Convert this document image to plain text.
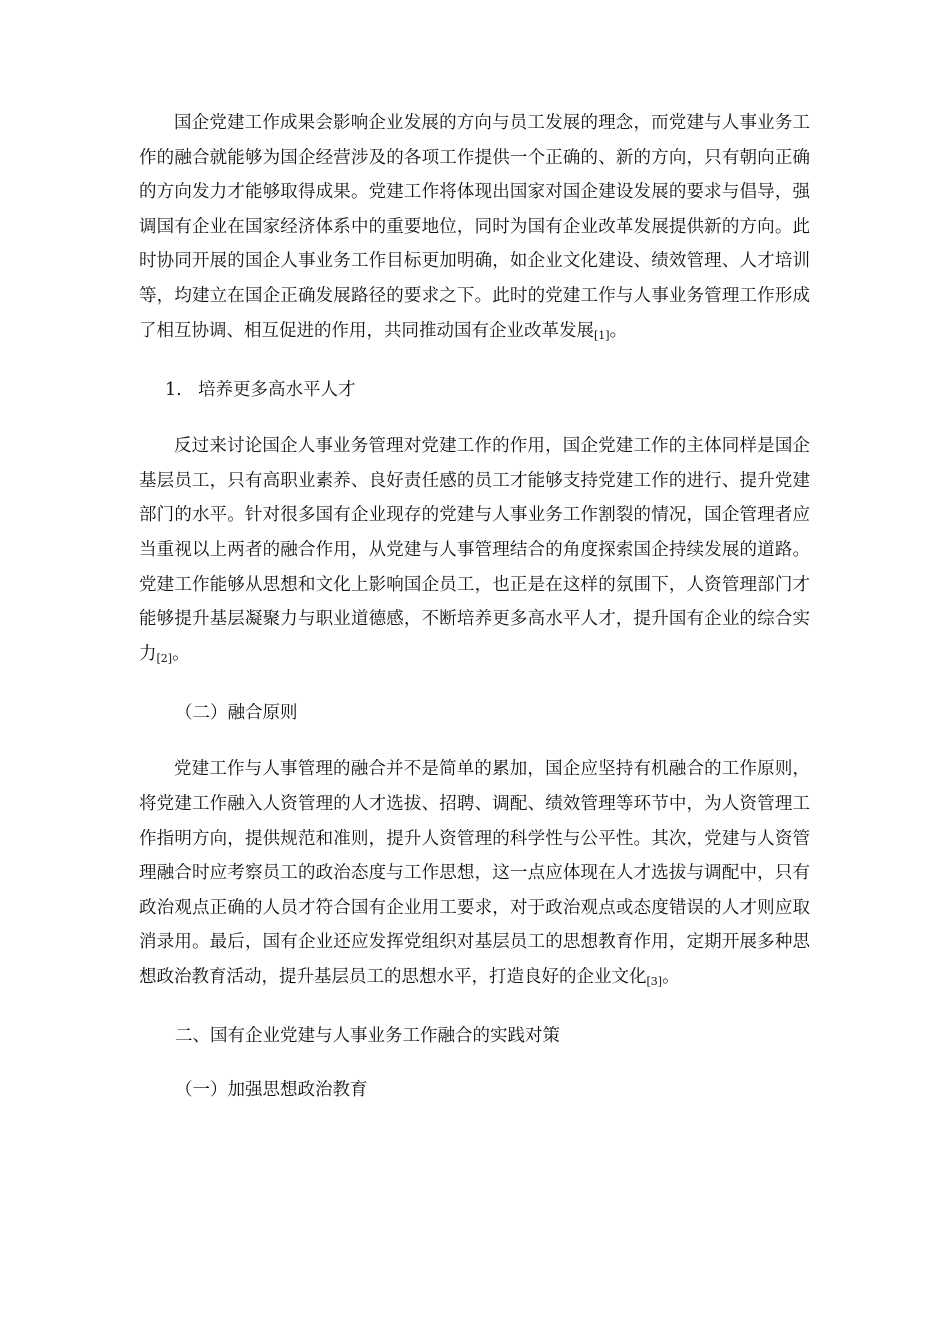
国企党建工作成果会影响企业发展的方向与员工发展的理念，而党建与人事业务工作的融合就能够为国企经营涉及的各项工作提供一个正确的、新的方向，只有朝向正确的方向发力才能够取得成果。党建工作将体现出国家对国企建设发展的要求与倡导，强调国有企业在国家经济体系中的重要地位，同时为国有企业改革发展提供新的方向。此时协同开展的国企人事业务工作目标更加明确，如企业文化建设、绩效管理、人才培训等，均建立在国企正确发展路径的要求之下。此时的党建工作与人事业务管理工作形成了相互协调、相互促进的作用，共同推动国有企业改革发展$_{[1]}$。

1. 培养更多高水平人才

反过来讨论国企人事业务管理对党建工作的作用，国企党建工作的主体同样是国企基层员工，只有高职业素养、良好责任感的员工才能够支持党建工作的进行、提升党建部门的水平。针对很多国有企业现存的党建与人事业务工作割裂的情况，国企管理者应当重视以上两者的融合作用，从党建与人事管理结合的角度探索国企持续发展的道路。党建工作能够从思想和文化上影响国企员工，也正是在这样的氛围下，人资管理部门才能够提升基层凝聚力与职业道德感，不断培养更多高水平人才，提升国有企业的综合实力$_{[2]}$。

（二）融合原则

党建工作与人事管理的融合并不是简单的累加，国企应坚持有机融合的工作原则，将党建工作融入人资管理的人才选拔、招聘、调配、绩效管理等环节中，为人资管理工作指明方向，提供规范和准则，提升人资管理的科学性与公平性。其次，党建与人资管理融合时应考察员工的政治态度与工作思想，这一点应体现在人才选拔与调配中，只有政治观点正确的人员才符合国有企业用工要求，对于政治观点或态度错误的人才则应取消录用。最后，国有企业还应发挥党组织对基层员工的思想教育作用，定期开展多种思想政治教育活动，提升基层员工的思想水平，打造良好的企业文化$_{[3]}$。

二、国有企业党建与人事业务工作融合的实践对策

（一）加强思想政治教育
